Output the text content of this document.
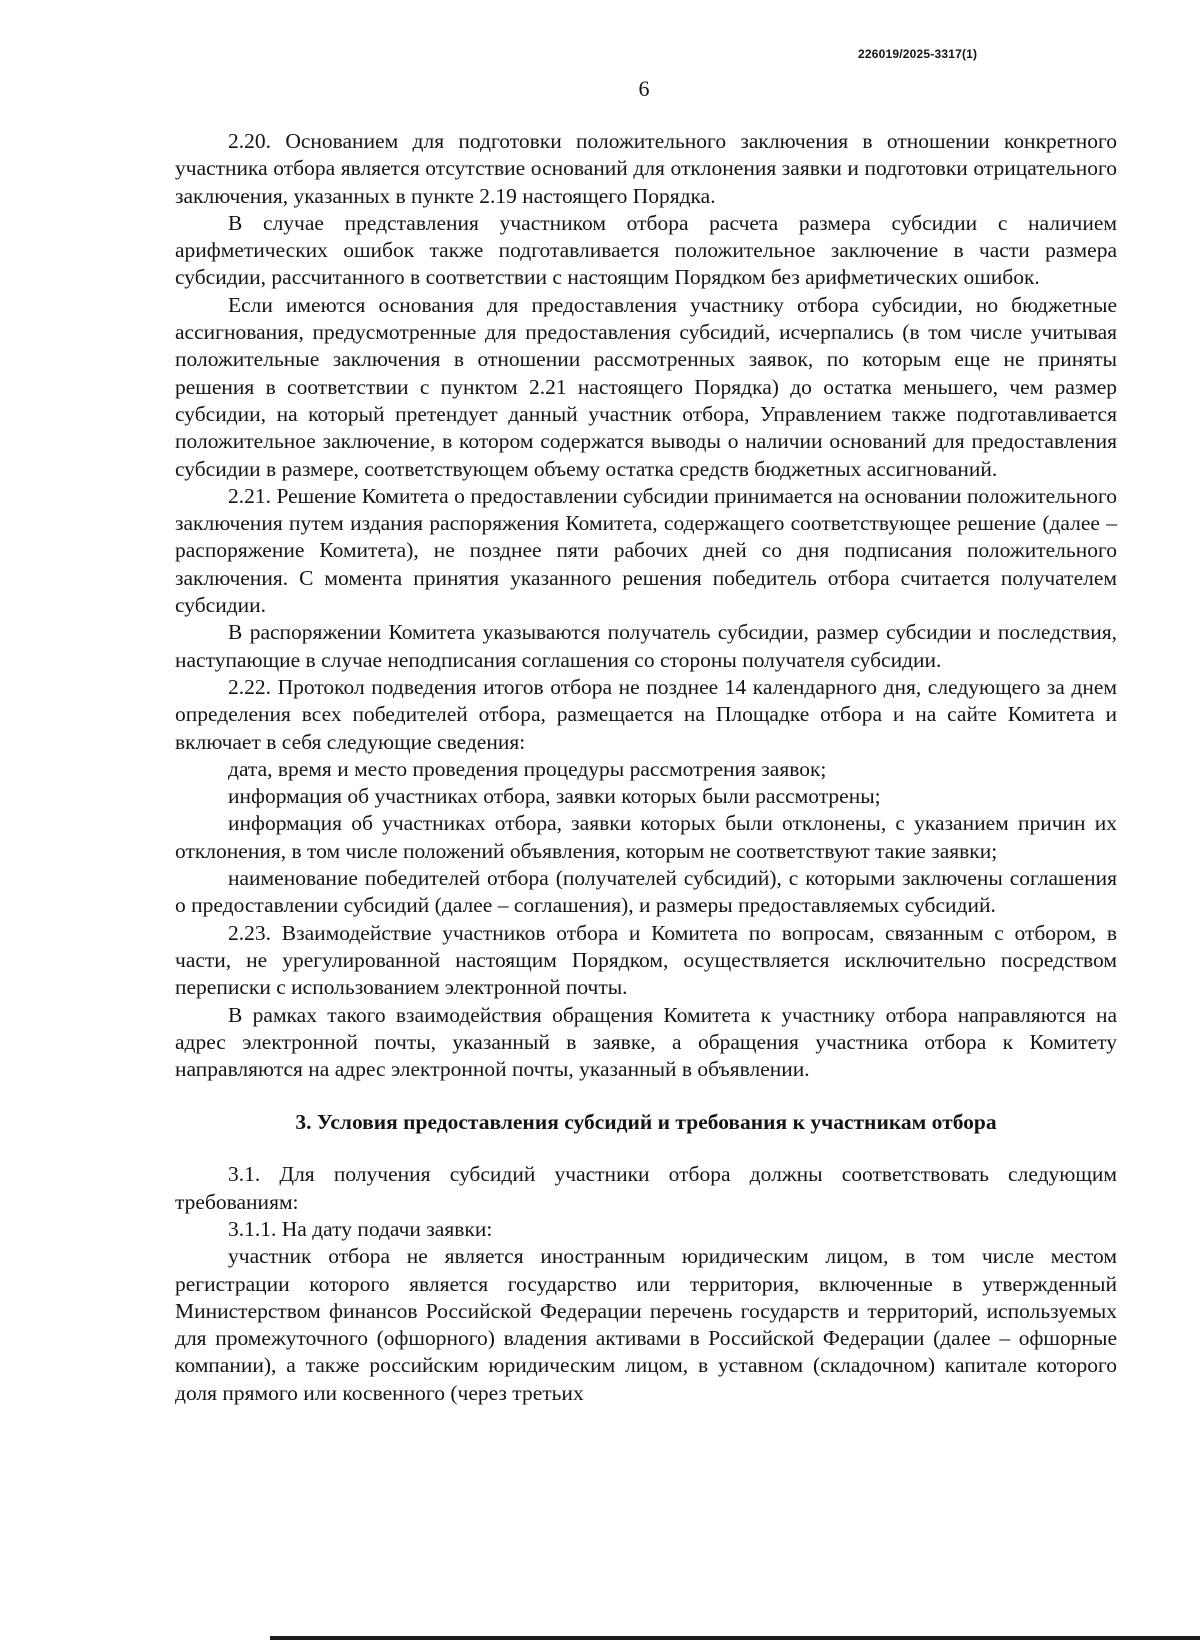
226019/2025-3317(1)
6

2.20. Основанием для подготовки положительного заключения в отношении конкретного участника отбора является отсутствие оснований для отклонения заявки и подготовки отрицательного заключения, указанных в пункте 2.19 настоящего Порядка.

В случае представления участником отбора расчета размера субсидии с наличием арифметических ошибок также подготавливается положительное заключение в части размера субсидии, рассчитанного в соответствии с настоящим Порядком без арифметических ошибок.

Если имеются основания для предоставления участнику отбора субсидии, но бюджетные ассигнования, предусмотренные для предоставления субсидий, исчерпались (в том числе учитывая положительные заключения в отношении рассмотренных заявок, по которым еще не приняты решения в соответствии с пунктом 2.21 настоящего Порядка) до остатка меньшего, чем размер субсидии, на который претендует данный участник отбора, Управлением также подготавливается положительное заключение, в котором содержатся выводы о наличии оснований для предоставления субсидии в размере, соответствующем объему остатка средств бюджетных ассигнований.

2.21. Решение Комитета о предоставлении субсидии принимается на основании положительного заключения путем издания распоряжения Комитета, содержащего соответствующее решение (далее – распоряжение Комитета), не позднее пяти рабочих дней со дня подписания положительного заключения. С момента принятия указанного решения победитель отбора считается получателем субсидии.

В распоряжении Комитета указываются получатель субсидии, размер субсидии и последствия, наступающие в случае неподписания соглашения со стороны получателя субсидии.

2.22. Протокол подведения итогов отбора не позднее 14 календарного дня, следующего за днем определения всех победителей отбора, размещается на Площадке отбора и на сайте Комитета и включает в себя следующие сведения:

дата, время и место проведения процедуры рассмотрения заявок;

информация об участниках отбора, заявки которых были рассмотрены;

информация об участниках отбора, заявки которых были отклонены, с указанием причин их отклонения, в том числе положений объявления, которым не соответствуют такие заявки;

наименование победителей отбора (получателей субсидий), с которыми заключены соглашения о предоставлении субсидий (далее – соглашения), и размеры предоставляемых субсидий.

2.23. Взаимодействие участников отбора и Комитета по вопросам, связанным с отбором, в части, не урегулированной настоящим Порядком, осуществляется исключительно посредством переписки с использованием электронной почты.

В рамках такого взаимодействия обращения Комитета к участнику отбора направляются на адрес электронной почты, указанный в заявке, а обращения участника отбора к Комитету направляются на адрес электронной почты, указанный в объявлении.

3. Условия предоставления субсидий и требования к участникам отбора

3.1. Для получения субсидий участники отбора должны соответствовать следующим требованиям:

3.1.1. На дату подачи заявки:

участник отбора не является иностранным юридическим лицом, в том числе местом регистрации которого является государство или территория, включенные в утвержденный Министерством финансов Российской Федерации перечень государств и территорий, используемых для промежуточного (офшорного) владения активами в Российской Федерации (далее – офшорные компании), а также российским юридическим лицом, в уставном (складочном) капитале которого доля прямого или косвенного (через третьих
